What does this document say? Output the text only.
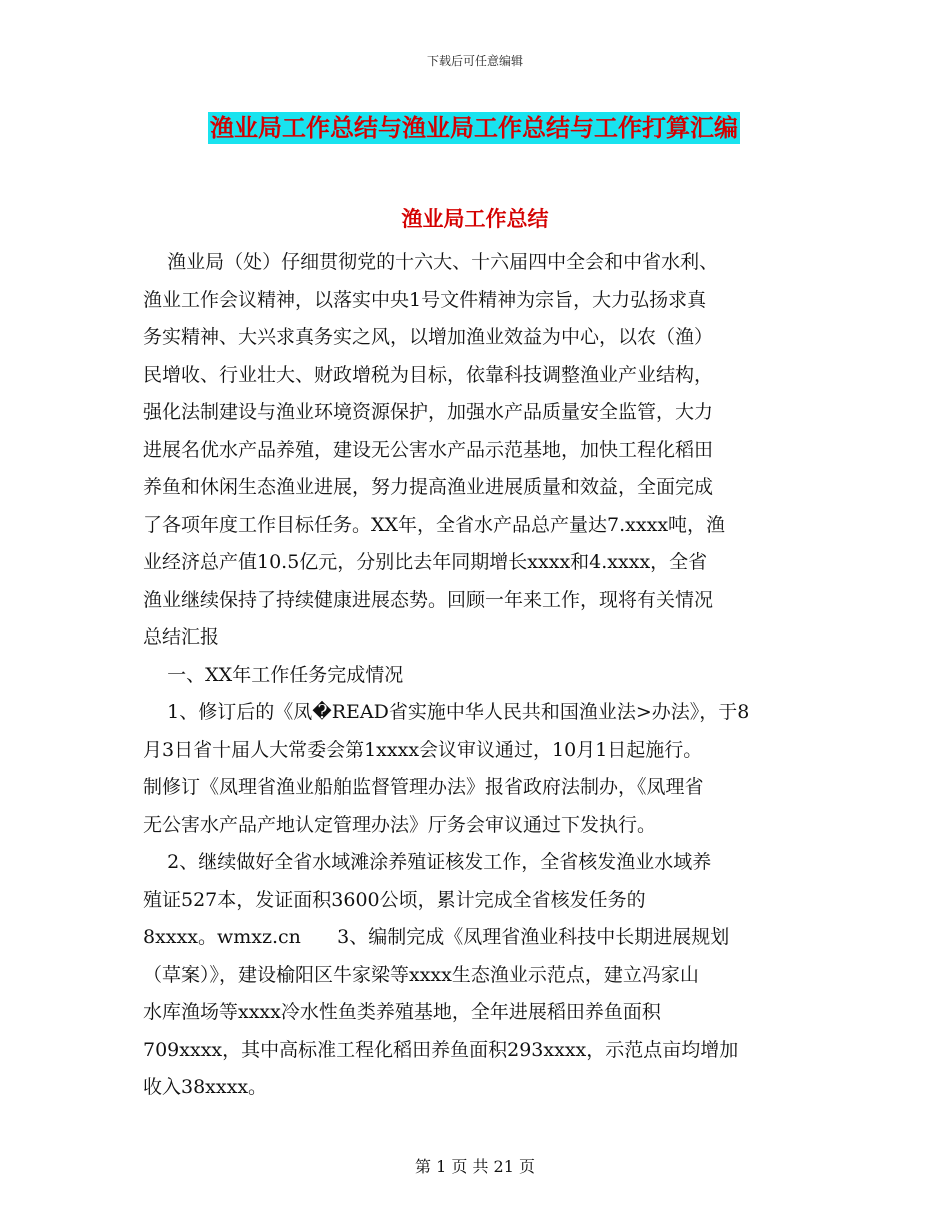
下载后可任意编辑
渔业局工作总结与渔业局工作总结与工作打算汇编
渔业局工作总结
渔业局（处）仔细贯彻党的十六大、十六届四中全会和中省水利、
渔业工作会议精神，以落实中央1号文件精神为宗旨，大力弘扬求真
务实精神、大兴求真务实之风，以增加渔业效益为中心，以农（渔）
民增收、行业壮大、财政增税为目标，依靠科技调整渔业产业结构，
强化法制建设与渔业环境资源保护，加强水产品质量安全监管，大力
进展名优水产品养殖，建设无公害水产品示范基地，加快工程化稻田
养鱼和休闲生态渔业进展，努力提高渔业进展质量和效益，全面完成
了各项年度工作目标任务。XX年，全省水产品总产量达7.xxxx吨，渔
业经济总产值10.5亿元，分别比去年同期增长xxxx和4.xxxx，全省
渔业继续保持了持续健康进展态势。回顾一年来工作，现将有关情况
总结汇报
一、XX年工作任务完成情况
1、修订后的《凤�READ省实施中华人民共和国渔业法>办法》，于8
月3日省十届人大常委会第1xxxx会议审议通过，10月1日起施行。
制修订《凤理省渔业船舶监督管理办法》报省政府法制办，《凤理省
无公害水产品产地认定管理办法》厅务会审议通过下发执行。
2、继续做好全省水域滩涂养殖证核发工作，全省核发渔业水域养
殖证527本，发证面积3600公顷，累计完成全省核发任务的
8xxxx。wmxz.cn      3、编制完成《凤理省渔业科技中长期进展规划
（草案）》，建设榆阳区牛家梁等xxxx生态渔业示范点，建立冯家山
水库渔场等xxxx冷水性鱼类养殖基地，全年进展稻田养鱼面积
709xxxx，其中高标准工程化稻田养鱼面积293xxxx，示范点亩均增加
收入38xxxx。
第 1 页 共 21 页
